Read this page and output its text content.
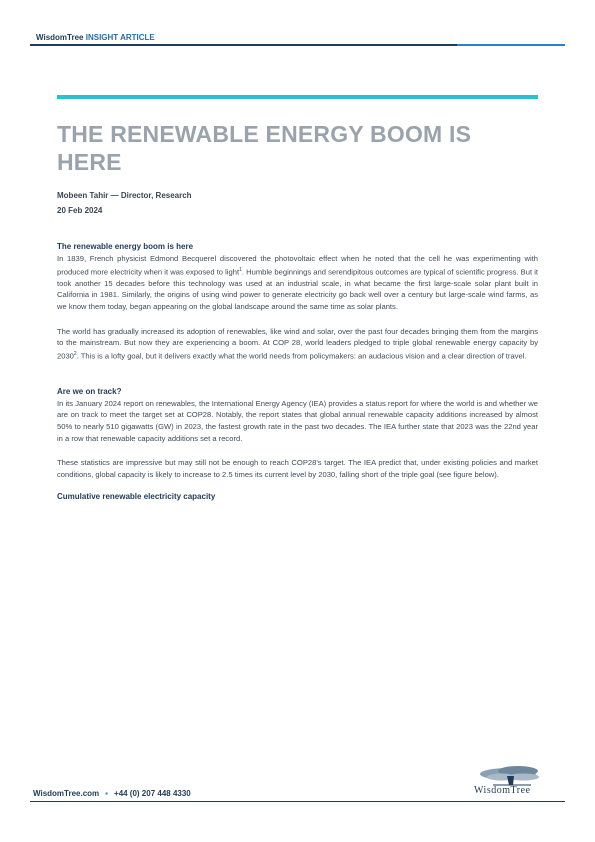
WisdomTree INSIGHT ARTICLE
THE RENEWABLE ENERGY BOOM IS HERE
Mobeen Tahir — Director, Research
20 Feb 2024
The renewable energy boom is here

In 1839, French physicist Edmond Becquerel discovered the photovoltaic effect when he noted that the cell he was experimenting with produced more electricity when it was exposed to light$^1$. Humble beginnings and serendipitous outcomes are typical of scientific progress. But it took another 15 decades before this technology was used at an industrial scale, in what became the first large-scale solar plant built in California in 1981. Similarly, the origins of using wind power to generate electricity go back well over a century but large-scale wind farms, as we know them today, began appearing on the global landscape around the same time as solar plants.

The world has gradually increased its adoption of renewables, like wind and solar, over the past four decades bringing them from the margins to the mainstream. But now they are experiencing a boom. At COP 28, world leaders pledged to triple global renewable energy capacity by 2030$^2$. This is a lofty goal, but it delivers exactly what the world needs from policymakers: an audacious vision and a clear direction of travel.

Are we on track?

In its January 2024 report on renewables, the International Energy Agency (IEA) provides a status report for where the world is and whether we are on track to meet the target set at COP28. Notably, the report states that global annual renewable capacity additions increased by almost 50% to nearly 510 gigawatts (GW) in 2023, the fastest growth rate in the past two decades. The IEA further state that 2023 was the 22nd year in a row that renewable capacity additions set a record.

These statistics are impressive but may still not be enough to reach COP28's target. The IEA predict that, under existing policies and market conditions, global capacity is likely to increase to 2.5 times its current level by 2030, falling short of the triple goal (see figure below).

Cumulative renewable electricity capacity
WisdomTree
WisdomTree.com ▪ +44 (0) 207 448 4330
